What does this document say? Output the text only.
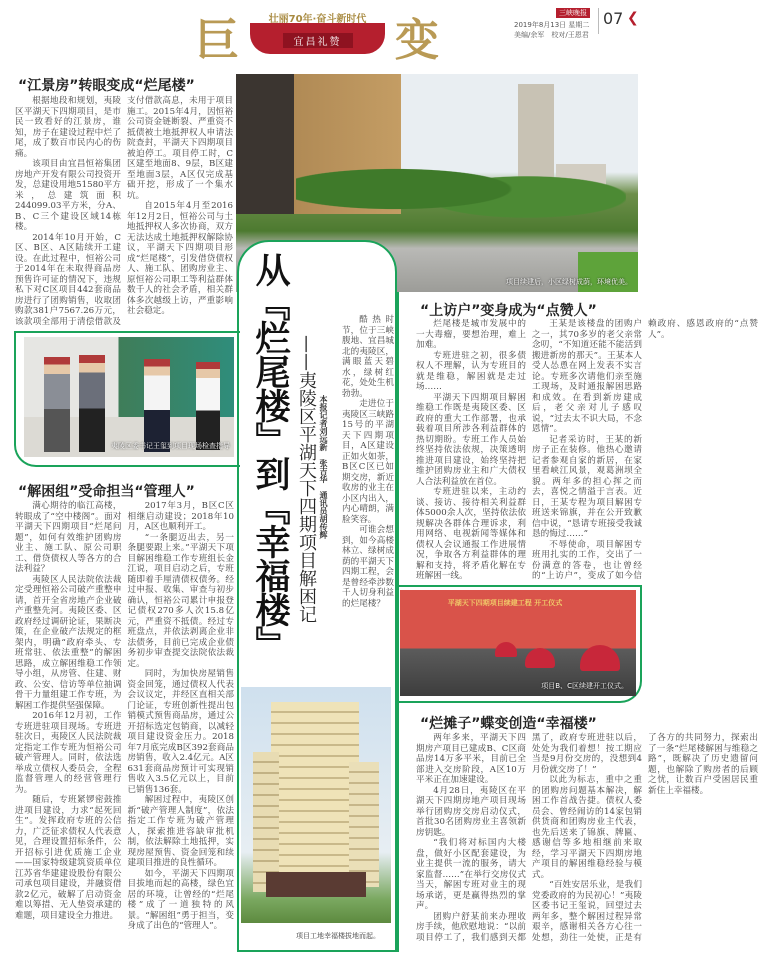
巨	壮丽70年·奋斗新时代
宜昌礼赞 变
三峡晚报
2019年8月13日 星期二
美编/余军　校对/王恩君
07 ❮
项目续建后，小区绿树成荫，环境优美。
从『烂尾楼』到『幸福楼』 ——夷陵区平湖天下四期项目解困记 本报记者刘远新　张吉华　通讯员胡传辉

酷热时节，位于三峡腹地、宜昌城北的夷陵区，满眼蓝天碧水，绿树红花，处处生机勃勃。

走进位于夷陵区三峡路15号的平湖天下四期项目，A区建设正如火如荼，B区C区已如期交房，新近收房的业主在小区内出入，内心晴朗，满脸笑容。

可谁会想到，如今高楼林立、绿树成荫的平湖天下四期工程，会是曾经牵涉数千人切身利益的烂尾楼？

项目工地幸福楼拔地而起。
“江景房”转眼变成“烂尾楼”

根据地段和规划，夷陵区平湖天下四期项目，是市民一致看好的江景房，谁知，房子在建设过程中烂了尾，成了数百市民内心的伤痛。

该项目由宜昌恒裕集团房地产开发有限公司投资开发，总建设用地51580平方米，总建筑面积244099.03平方米，分A、B、C三个建设区域14栋楼。

2014年10月开始，C区、B区、A区陆续开工建设。在此过程中，恒裕公司于2014年在未取得商品房预售许可证的情况下，违规私下对C区项目442套商品房进行了团购销售，收取团购款381户7567.26万元，该款项全部用于清偿借款及支付借款高息，未用于项目施工。2015年4月，因恒裕公司资金链断裂、严重资不抵债被土地抵押权人申请法院查封，平湖天下四期项目被迫停工。项目停工时，C区建至地面8、9层，B区建至地面3层，A区仅完成基础开挖，形成了一个集水坑。

自2015年4月至2016年12月2日，恒裕公司与土地抵押权人多次协商，双方无法达成土地抵押权解除协议，平湖天下四期项目形成“烂尾楼”，引发借贷债权人、施工队、团购房业主、原恒裕公司职工等利益群体数千人的社会矛盾，相关群体多次越级上访，严重影响社会稳定。

夷陵区委书记王玺到项目现场检查指导
“解困组”受命担当“管理人”

满心期待的临江高楼，转眼成了“空中楼阁”。面对平湖天下四期项目“烂尾问题”，如何有效维护团购房业主、施工队、原公司职工、借贷债权人等各方的合法利益？

夷陵区人民法院依法裁定受理恒裕公司破产重整申请，首开全省房地产企业破产重整先河。夷陵区委、区政府经过调研论证，果断决策，在企业破产法规定的框架内，明确“政府牵头、专班常驻、依法重整”的解困思路，成立解困维稳工作领导小组，从房管、住建、财政、公安、信访等单位抽调骨干力量组建工作专班，为解困工作提供坚强保障。

2016年12月初，工作专班进驻项目现场。专班进驻次日，夷陵区人民法院裁定指定工作专班为恒裕公司破产管理人。同时，依法选举成立债权人委员会，全程监督管理人的经营管理行为。

随后，专班紧锣密鼓推进项目建设，力求“起死回生”。发挥政府专班的公信力，广泛征求债权人代表意见，合理设置招标条件，公开招标引进优质施工企业——国家特级建筑资质单位江苏省华建建设股份有限公司承包项目建设，并融资借款2亿元，破解了启动资金难以筹措、无人垫资承建的难题，项目建设全力推进。

2017年3月，B区C区相继启动建设；2018年10月，A区也顺利开工。

“一条腿迈出去，另一条腿要跟上来。”平湖天下项目解困维稳工作专班组长金江说，项目启动之后，专班随即着手厘清债权债务。经过申报、收集、审查与初步确认，恒裕公司累计申报登记债权270多人次15.8亿元，严重资不抵债。经过专班盘点，并依法剥离企业非法债务，目前已完成企业债务初步审查提交法院依法裁定。

同时，为加快房屋销售资金回笼，通过债权人代表会议议定，并经区直相关部门论证，专班创新性提出包销模式预售商品房，通过公开招标选定包销商，以减轻项目建设资金压力。2018年7月底完成B区392套商品房销售，收入2.4亿元。A区631套商品房预计可实现销售收入3.5亿元以上，目前已销售136套。

解困过程中，夷陵区创新“破产管理人制度”，依法指定工作专班为破产管理人，探索推进容缺审批机制，依法解除土地抵押，实现房屋预售、资金回笼和续建项目推进的良性循环。

如今，平湖天下四期项目拔地而起的高楼，绿色宜居的环境，让曾经的“烂尾楼”成了一道独特的风景。“解困组”勇于担当，变身成了出色的“管理人”。

“上访户”变身成为“点赞人”

烂尾楼是城市发展中的一大毒瘤，要想治理，难上加难。

专班进驻之初，很多债权人不理解，认为专班目的就是维稳，解困就是走过场……

平湖天下四期项目解困维稳工作既是夷陵区委、区政府的重大工作部署，也承载着项目所涉各利益群体的热切期盼。专班工作人员始终坚持依法依规，决策透明推进项目建设，始终坚持把维护团购房业主和广大债权人合法利益放在首位。

专班进驻以来，主动约谈、接访、接待相关利益群体5000余人次，坚持依法依规解决各群体合理诉求，利用网络、电视新闻等媒体和债权人会议通报工作进展情况，争取各方利益群体的理解和支持，将矛盾化解在专班解困一线。

王某是该楼盘的团购户之一，其70多岁的老父亲常念叨，“不知道还能不能活到搬进新房的那天”。王某本人受人怂恿在网上发表不实言论。专班多次请他们亲至施工现场，及时通报解困思路和成效。在看到新房建成后，老父亲对儿子感叹说，“过去太不识大局，不念恩情”。

记者采访时，王某的新房子正在装修。他热心邀请记者参观自家的新居，在家里看峡江风景，观葛洲坝全貌。两年多的担心挥之而去，喜悦之情溢于言表。近日，王某专程为项目解困专班送来锦旗，并在公开致歉信中说，“恳请专班接受我诚恳的悔过……”

不辱使命，项目解困专班用扎实的工作，交出了一份满意的答卷，也让曾经的“上访户”，变成了如今信赖政府、感恩政府的“点赞人”。

平湖天下四期项目续建工程 开工仪式
项目B、C区续建开工仪式。
“烂摊子”蝶变创造“幸福楼”

两年多来，平湖天下四期房产项目已建成B、C区商品房14万多平米，目前已全部进入交房阶段，A区10万平米正在加速建设。

4月28日，夷陵区在平湖天下四期房地产项目现场举行团购房交房启动仪式，首批30名团购房业主喜领新房钥匙。

“我们将对标国内大楼盘，做好小区配套建设，为业主提供一流的服务，请大家监督……”在举行交房仪式当天，解困专班对业主的现场承诺，更是赢得热烈的掌声。

团购户舒某前来办理收房手续，他欣慰地说：“以前项目停工了，我们感到天都黑了，政府专班进驻以后，处处为我们着想！按工期应当是9月份交房的，没想到4月份就交房了！”

以此为标志，重中之重的团购房问题基本解决，解困工作首战告捷。债权人委员会、曾经闹访的14家包销供货商和团购房业主代表，也先后送来了锦旗、牌匾、感谢信等多地相继前来取经，学习平湖天下四期房地产项目的解困维稳经验与模式。

“百姓安居乐业，是我们党委政府的为民初心！”夷陵区委书记王玺说，回望过去两年多，整个解困过程异常艰辛，感谢相关各方心往一处想，劲往一处使，正是有了各方的共同努力，探索出了一条“烂尾楼解困与维稳之路”，既解决了历史遗留问题，也解除了购房者的后顾之忧，让数百户受困居民重新住上幸福楼。
